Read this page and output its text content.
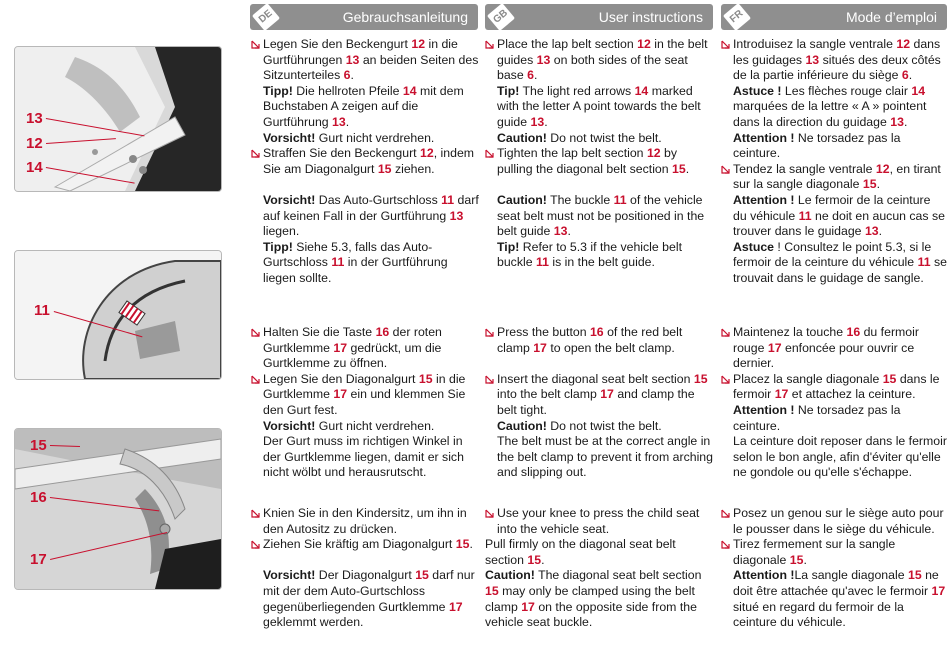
DE	Gebrauchsanleitung	GB	User instructions	FR	Mode d’emploi
13
12
14
11
15
16
17
Legen Sie den Beckengurt 12 in die Gurtführungen 13 an beiden Seiten des Sitzunterteiles 6.
Tipp! Die hellroten Pfeile 14 mit dem Buchstaben A zeigen auf die Gurtführung 13.
Vorsicht! Gurt nicht verdrehen.
Straffen Sie den Beckengurt 12, indem Sie am Diagonalgurt 15 ziehen.
Vorsicht! Das Auto-Gurtschloss 11 darf auf keinen Fall in der Gurtführung 13 liegen.
Tipp! Siehe 5.3, falls das Auto-Gurtschloss 11 in der Gurtführung liegen sollte.
Halten Sie die Taste 16 der roten Gurtklemme 17 gedrückt, um die Gurtklemme zu öffnen.
Legen Sie den Diagonalgurt 15 in die Gurtklemme 17 ein und klemmen Sie den Gurt fest.
Vorsicht! Gurt nicht verdrehen.
Der Gurt muss im richtigen Winkel in der Gurtklemme liegen, damit er sich nicht wölbt und herausrutscht.
Knien Sie in den Kindersitz, um ihn in den Autositz zu drücken.
Ziehen Sie kräftig am Diagonalgurt 15.
Vorsicht! Der Diagonalgurt 15 darf nur mit der dem Auto-Gurtschloss gegenüberliegenden Gurtklemme 17 geklemmt werden.
Place the lap belt section 12 in the belt guides 13 on both sides of the seat base 6.
Tip! The light red arrows 14 marked with the letter A point towards the belt guide 13.
Caution! Do not twist the belt.
Tighten the lap belt section 12 by pulling the diagonal belt section 15.
Caution! The buckle 11 of the vehicle seat belt must not be positioned in the belt guide 13.
Tip! Refer to 5.3 if the vehicle belt buckle 11 is in the belt guide.
Press the button 16 of the red belt clamp 17 to open the belt clamp.
Insert the diagonal seat belt section 15 into the belt clamp 17 and clamp the belt tight.
Caution! Do not twist the belt.
The belt must be at the correct angle in the belt clamp to prevent it from arching and slipping out.
Use your knee to press the child seat into the vehicle seat.
Pull firmly on the diagonal seat belt section 15.
Caution! The diagonal seat belt section 15 may only be clamped using the belt clamp 17 on the opposite side from the vehicle seat buckle.
Introduisez la sangle ventrale 12 dans les guidages 13 situés des deux côtés de la partie inférieure du siège 6.
Astuce ! Les flèches rouge clair 14 marquées de la lettre « A » pointent dans la direction du guidage 13.
Attention ! Ne torsadez pas la ceinture.
Tendez la sangle ventrale 12, en tirant sur la sangle diagonale 15.
Attention ! Le fermoir de la ceinture du véhicule 11 ne doit en aucun cas se trouver dans le guidage 13.
Astuce ! Consultez le point 5.3, si le fermoir de la ceinture du véhicule 11 se trouvait dans le guidage de sangle.
Maintenez la touche 16 du fermoir rouge 17 enfoncée pour ouvrir ce dernier.
Placez la sangle diagonale 15 dans le fermoir 17 et attachez la ceinture.
Attention ! Ne torsadez pas la ceinture.
La ceinture doit reposer dans le fermoir selon le bon angle, afin d'éviter qu'elle ne gondole ou qu'elle s'échappe.
Posez un genou sur le siège auto pour le pousser dans le siège du véhicule.
Tirez fermement sur la sangle diagonale 15.
Attention !La sangle diagonale 15 ne doit être attachée qu'avec le fermoir 17 situé en regard du fermoir de la ceinture du véhicule.
